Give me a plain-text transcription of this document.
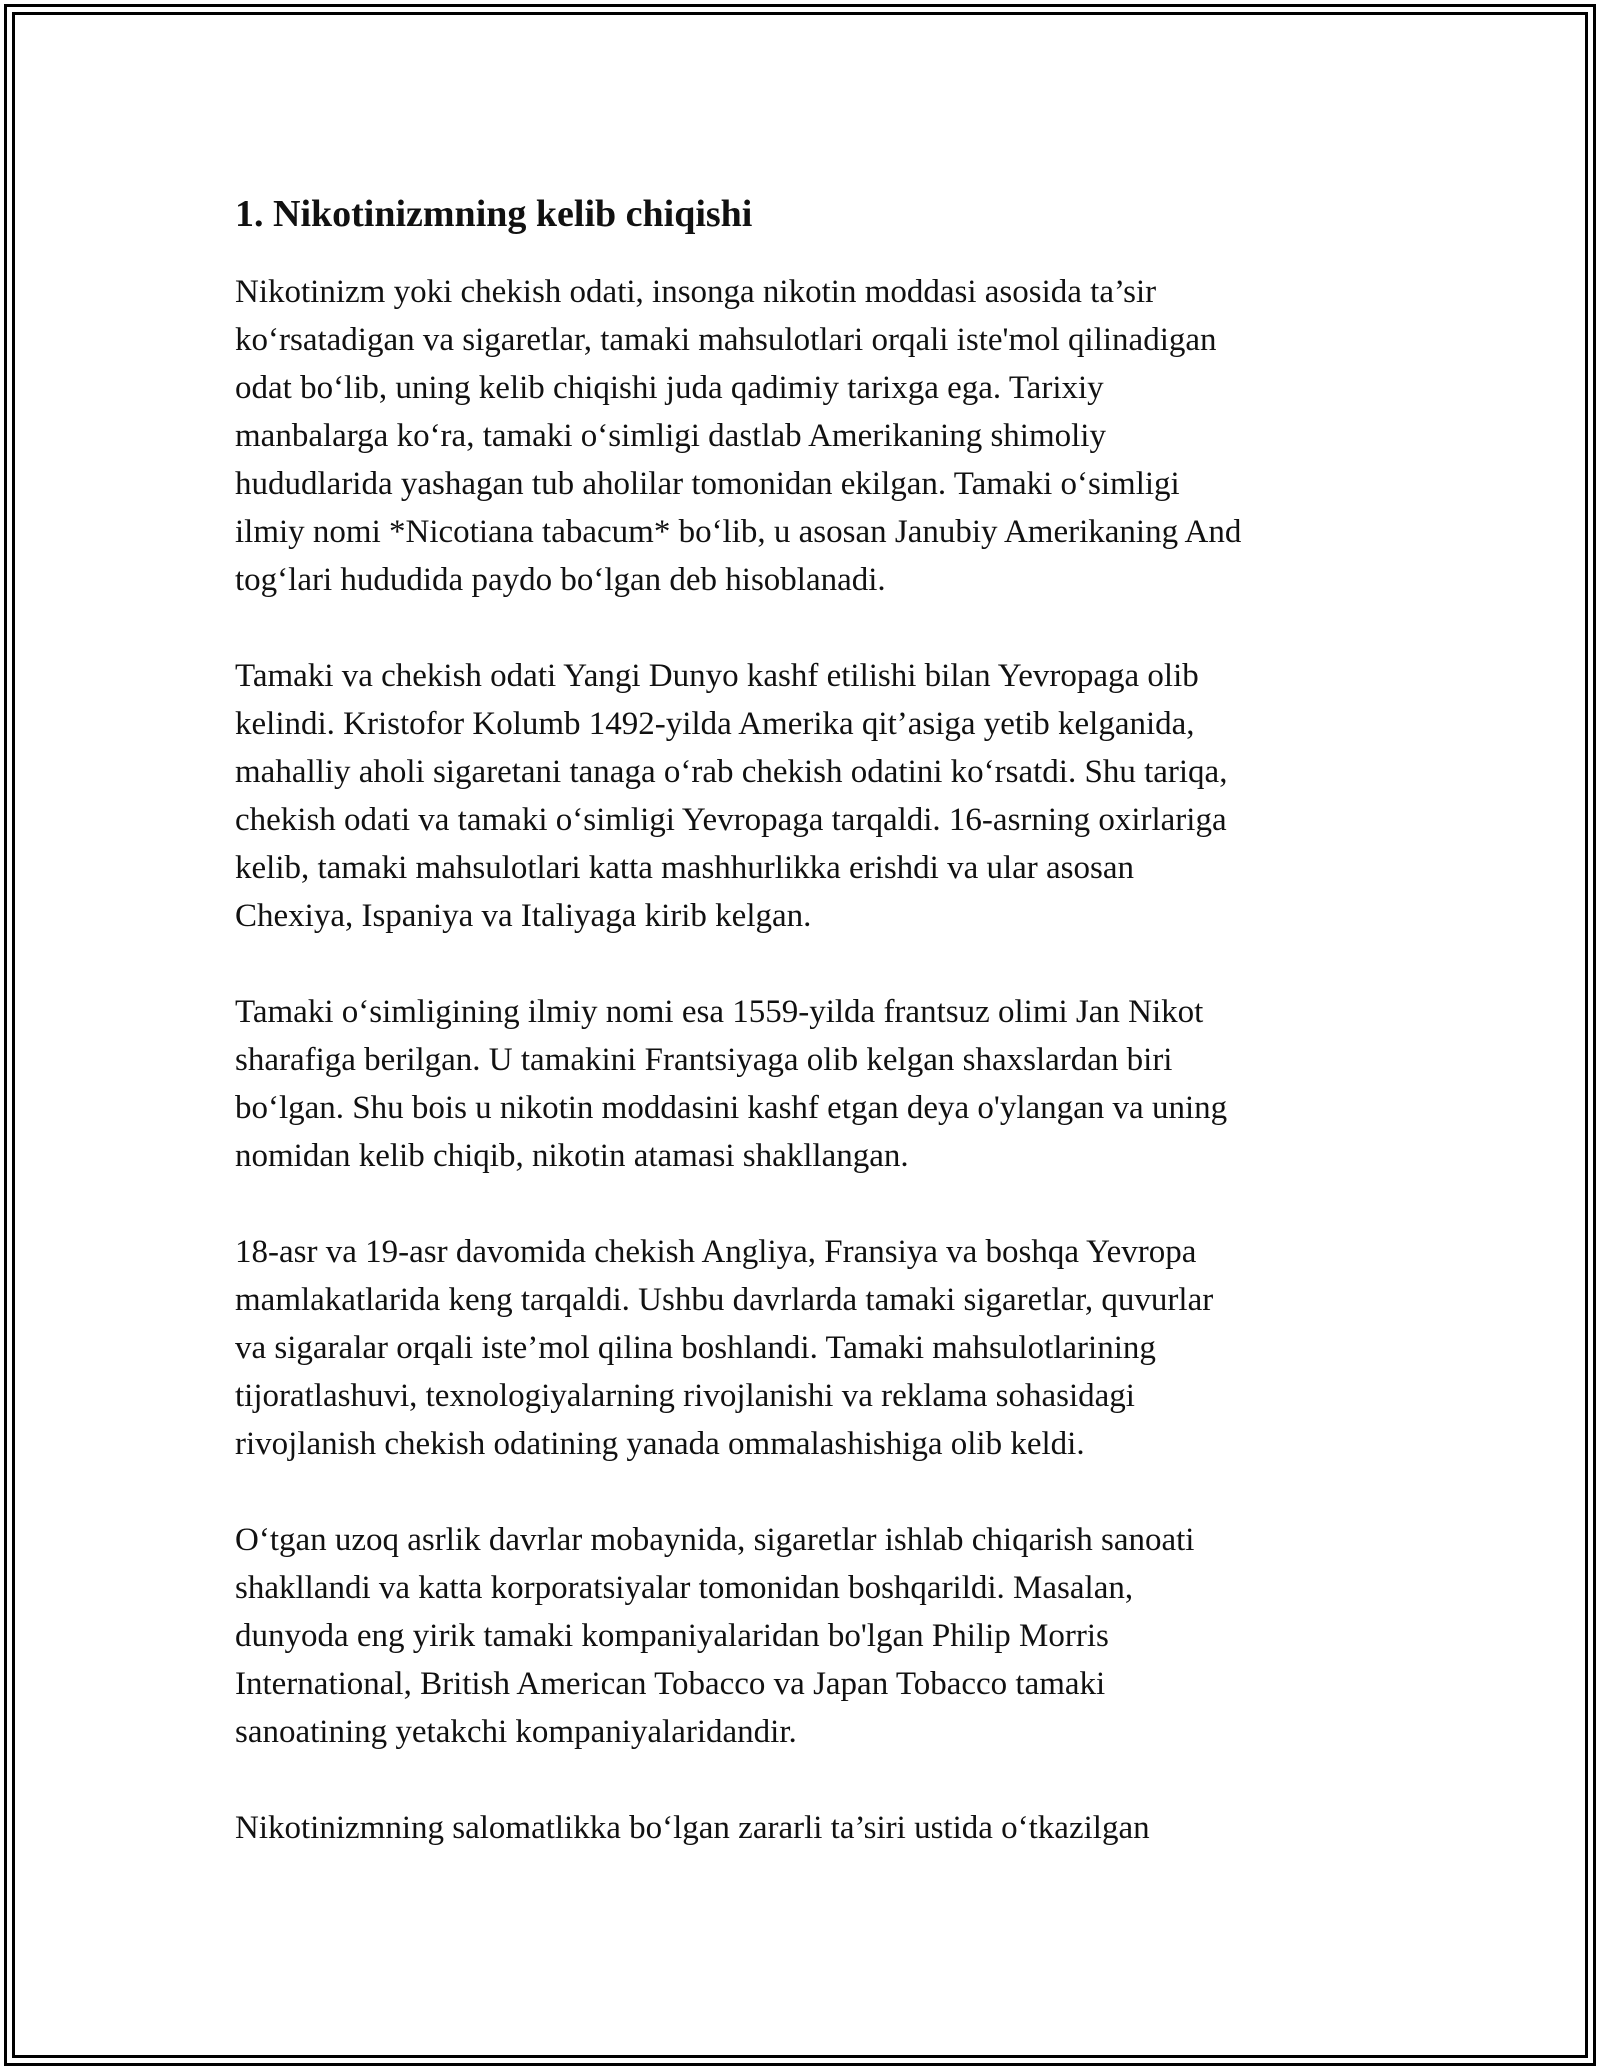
1. Nikotinizmning kelib chiqishi

Nikotinizm yoki chekish odati, insonga nikotin moddasi asosida ta’sir
ko‘rsatadigan va sigaretlar, tamaki mahsulotlari orqali iste'mol qilinadigan
odat bo‘lib, uning kelib chiqishi juda qadimiy tarixga ega. Tarixiy
manbalarga ko‘ra, tamaki o‘simligi dastlab Amerikaning shimoliy
hududlarida yashagan tub aholilar tomonidan ekilgan. Tamaki o‘simligi
ilmiy nomi *Nicotiana tabacum* bo‘lib, u asosan Janubiy Amerikaning And
tog‘lari hududida paydo bo‘lgan deb hisoblanadi.

Tamaki va chekish odati Yangi Dunyo kashf etilishi bilan Yevropaga olib
kelindi. Kristofor Kolumb 1492-yilda Amerika qit’asiga yetib kelganida,
mahalliy aholi sigaretani tanaga o‘rab chekish odatini ko‘rsatdi. Shu tariqa,
chekish odati va tamaki o‘simligi Yevropaga tarqaldi. 16-asrning oxirlariga
kelib, tamaki mahsulotlari katta mashhurlikka erishdi va ular asosan
Chexiya, Ispaniya va Italiyaga kirib kelgan.

Tamaki o‘simligining ilmiy nomi esa 1559-yilda frantsuz olimi Jan Nikot
sharafiga berilgan. U tamakini Frantsiyaga olib kelgan shaxslardan biri
bo‘lgan. Shu bois u nikotin moddasini kashf etgan deya o'ylangan va uning
nomidan kelib chiqib, nikotin atamasi shakllangan.

18-asr va 19-asr davomida chekish Angliya, Fransiya va boshqa Yevropa
mamlakatlarida keng tarqaldi. Ushbu davrlarda tamaki sigaretlar, quvurlar
va sigaralar orqali iste’mol qilina boshlandi. Tamaki mahsulotlarining
tijoratlashuvi, texnologiyalarning rivojlanishi va reklama sohasidagi
rivojlanish chekish odatining yanada ommalashishiga olib keldi.

O‘tgan uzoq asrlik davrlar mobaynida, sigaretlar ishlab chiqarish sanoati
shakllandi va katta korporatsiyalar tomonidan boshqarildi. Masalan,
dunyoda eng yirik tamaki kompaniyalaridan bo'lgan Philip Morris
International, British American Tobacco va Japan Tobacco tamaki
sanoatining yetakchi kompaniyalaridandir.

Nikotinizmning salomatlikka bo‘lgan zararli ta’siri ustida o‘tkazilgan
